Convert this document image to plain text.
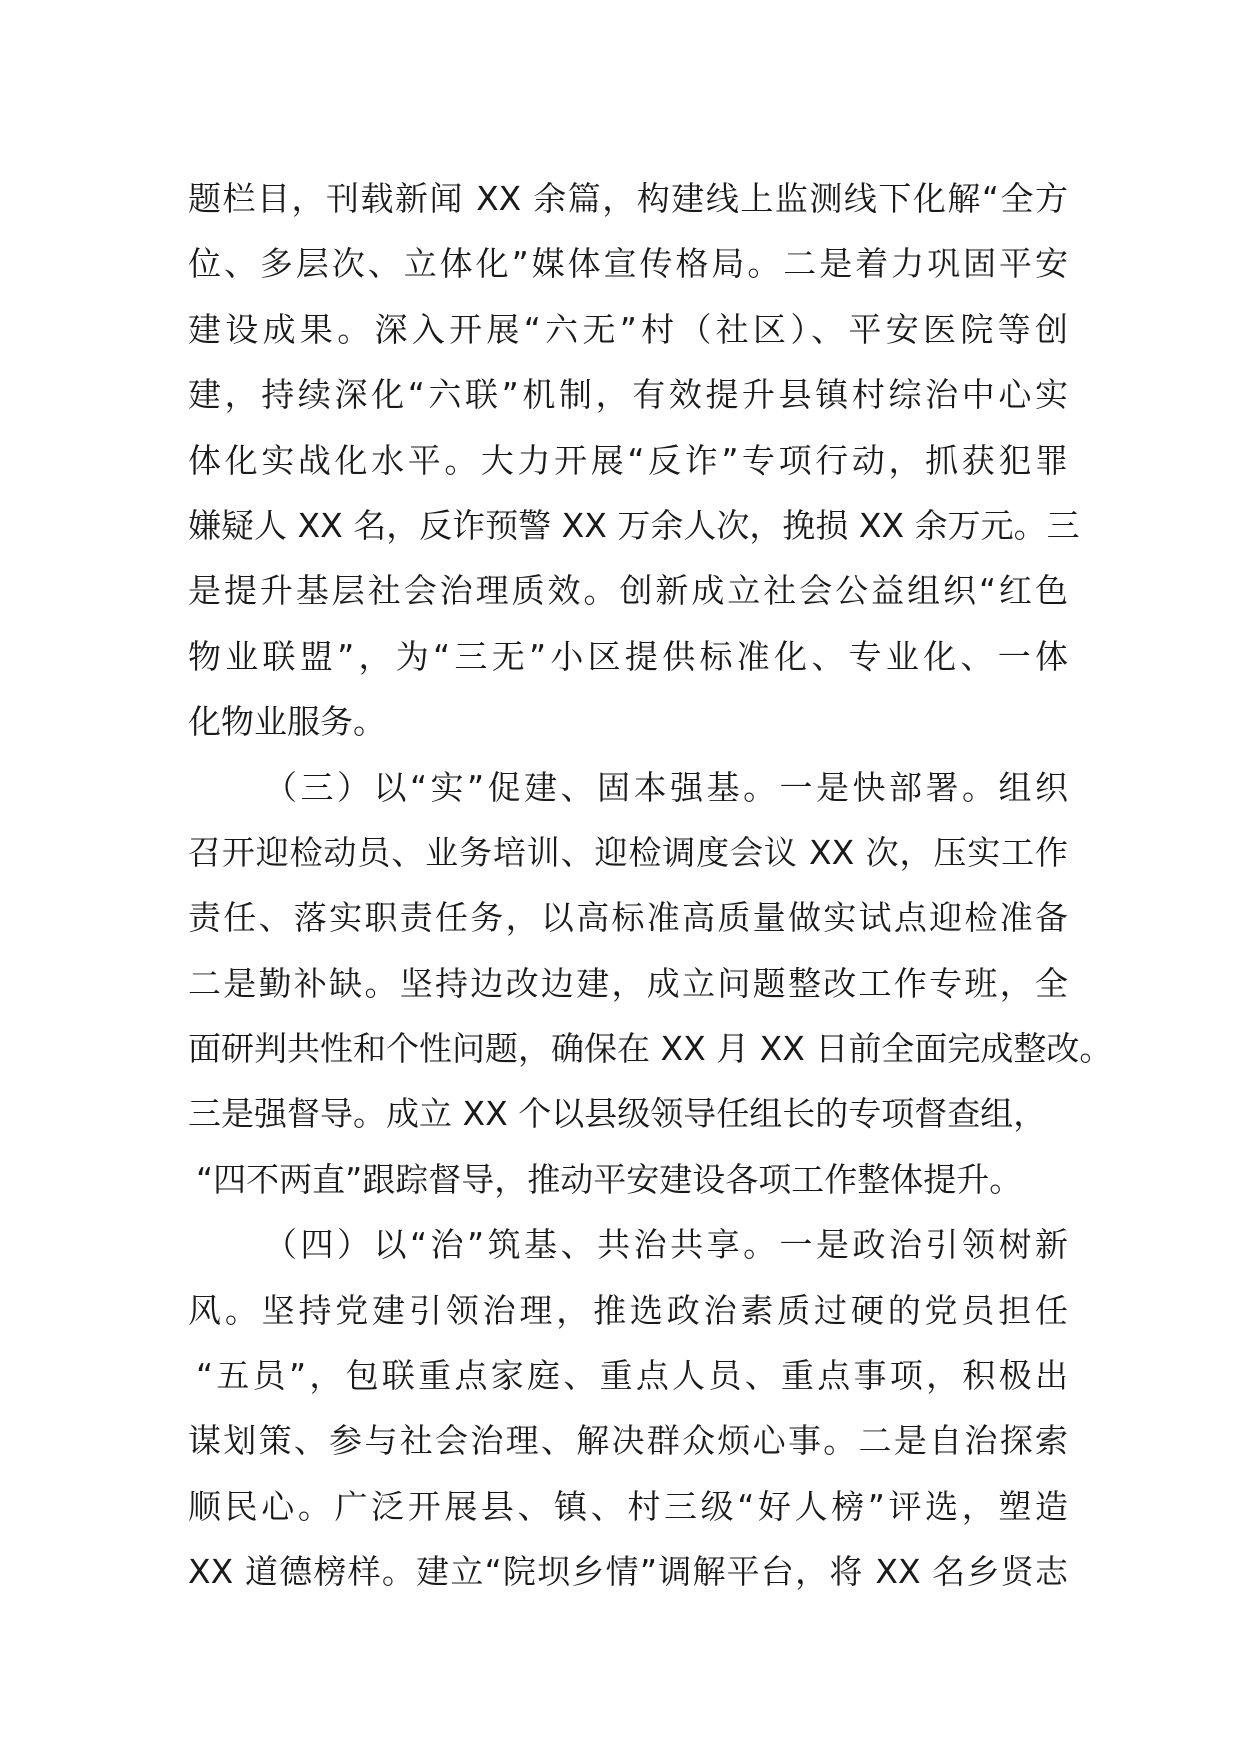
题栏目，刊载新闻 XX 余篇，构建线上监测线下化解“全方
位、多层次、立体化”媒体宣传格局。二是着力巩固平安
建设成果。深入开展“六无”村（社区）、平安医院等创
建，持续深化“六联”机制，有效提升县镇村综治中心实
体化实战化水平。大力开展“反诈”专项行动，抓获犯罪
嫌疑人 XX 名，反诈预警 XX 万余人次，挽损 XX 余万元。三
是提升基层社会治理质效。创新成立社会公益组织“红色
物业联盟”，为“三无”小区提供标准化、专业化、一体
化物业服务。
（三）以“实”促建、固本强基。一是快部署。组织
召开迎检动员、业务培训、迎检调度会议 XX 次，压实工作
责任、落实职责任务，以高标准高质量做实试点迎检准备
二是勤补缺。坚持边改边建，成立问题整改工作专班，全
面研判共性和个性问题，确保在 XX 月 XX 日前全面完成整改。
三是强督导。成立 XX 个以县级领导任组长的专项督查组，
“四不两直”跟踪督导，推动平安建设各项工作整体提升。
（四）以“治”筑基、共治共享。一是政治引领树新
风。坚持党建引领治理，推选政治素质过硬的党员担任
“五员”，包联重点家庭、重点人员、重点事项，积极出
谋划策、参与社会治理、解决群众烦心事。二是自治探索
顺民心。广泛开展县、镇、村三级“好人榜”评选，塑造
XX 道德榜样。建立“院坝乡情”调解平台，将 XX 名乡贤志
